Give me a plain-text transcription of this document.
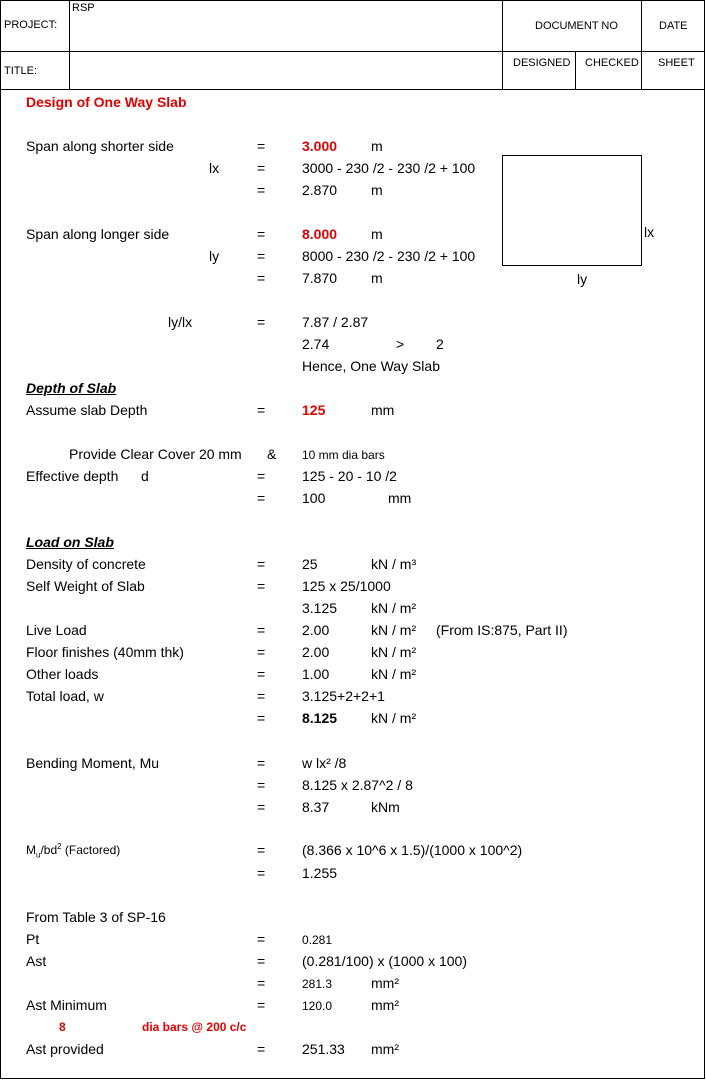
PROJECT:
RSP
TITLE:
DOCUMENT NO	DATE
DESIGNED CHECKED SHEET
Design of One Way Slab
Span along shorter side	=	3.000 m
lx	=	3000 - 230 /2 - 230 /2 + 100
=	2.870 m
Span along longer side	=	8.000 m
ly	=	8000 - 230 /2 - 230 /2 + 100
=	7.870 m
lx
ly
ly/lx	=	7.87 / 2.87
2.74	> 2
Hence, One Way Slab
Depth of Slab
Assume slab Depth	=	125	mm
Provide Clear Cover 20 mm & 10 mm dia bars
Effective depth d	=	125 - 20 - 10 /2
=	100	mm
Load on Slab
Density of concrete	=	25	kN / m³
Self Weight of Slab	=	125 x 25/1000
3.125 kN / m²
Live Load	=	2.00	kN / m² (From IS:875, Part II)
Floor finishes (40mm thk)	=	2.00	kN / m²
Other loads	=	1.00	kN / m²
Total load, w	=	3.125+2+2+1
=	8.125 kN / m²
Bending Moment, Mu	=	w lx² /8
=	8.125 x 2.87^2 / 8
=	8.37	kNm
$M_u/bd^2$ (Factored)	=	(8.366 x 10^6 x 1.5)/(1000 x 100^2)
=	1.255
From Table 3 of SP-16
Pt	=	0.281
Ast	=	(0.281/100) x (1000 x 100)
=	281.3	mm²
Ast Minimum	=	120.0	mm²
8	dia bars @ 200 c/c
Ast provided	=	251.33 mm²
